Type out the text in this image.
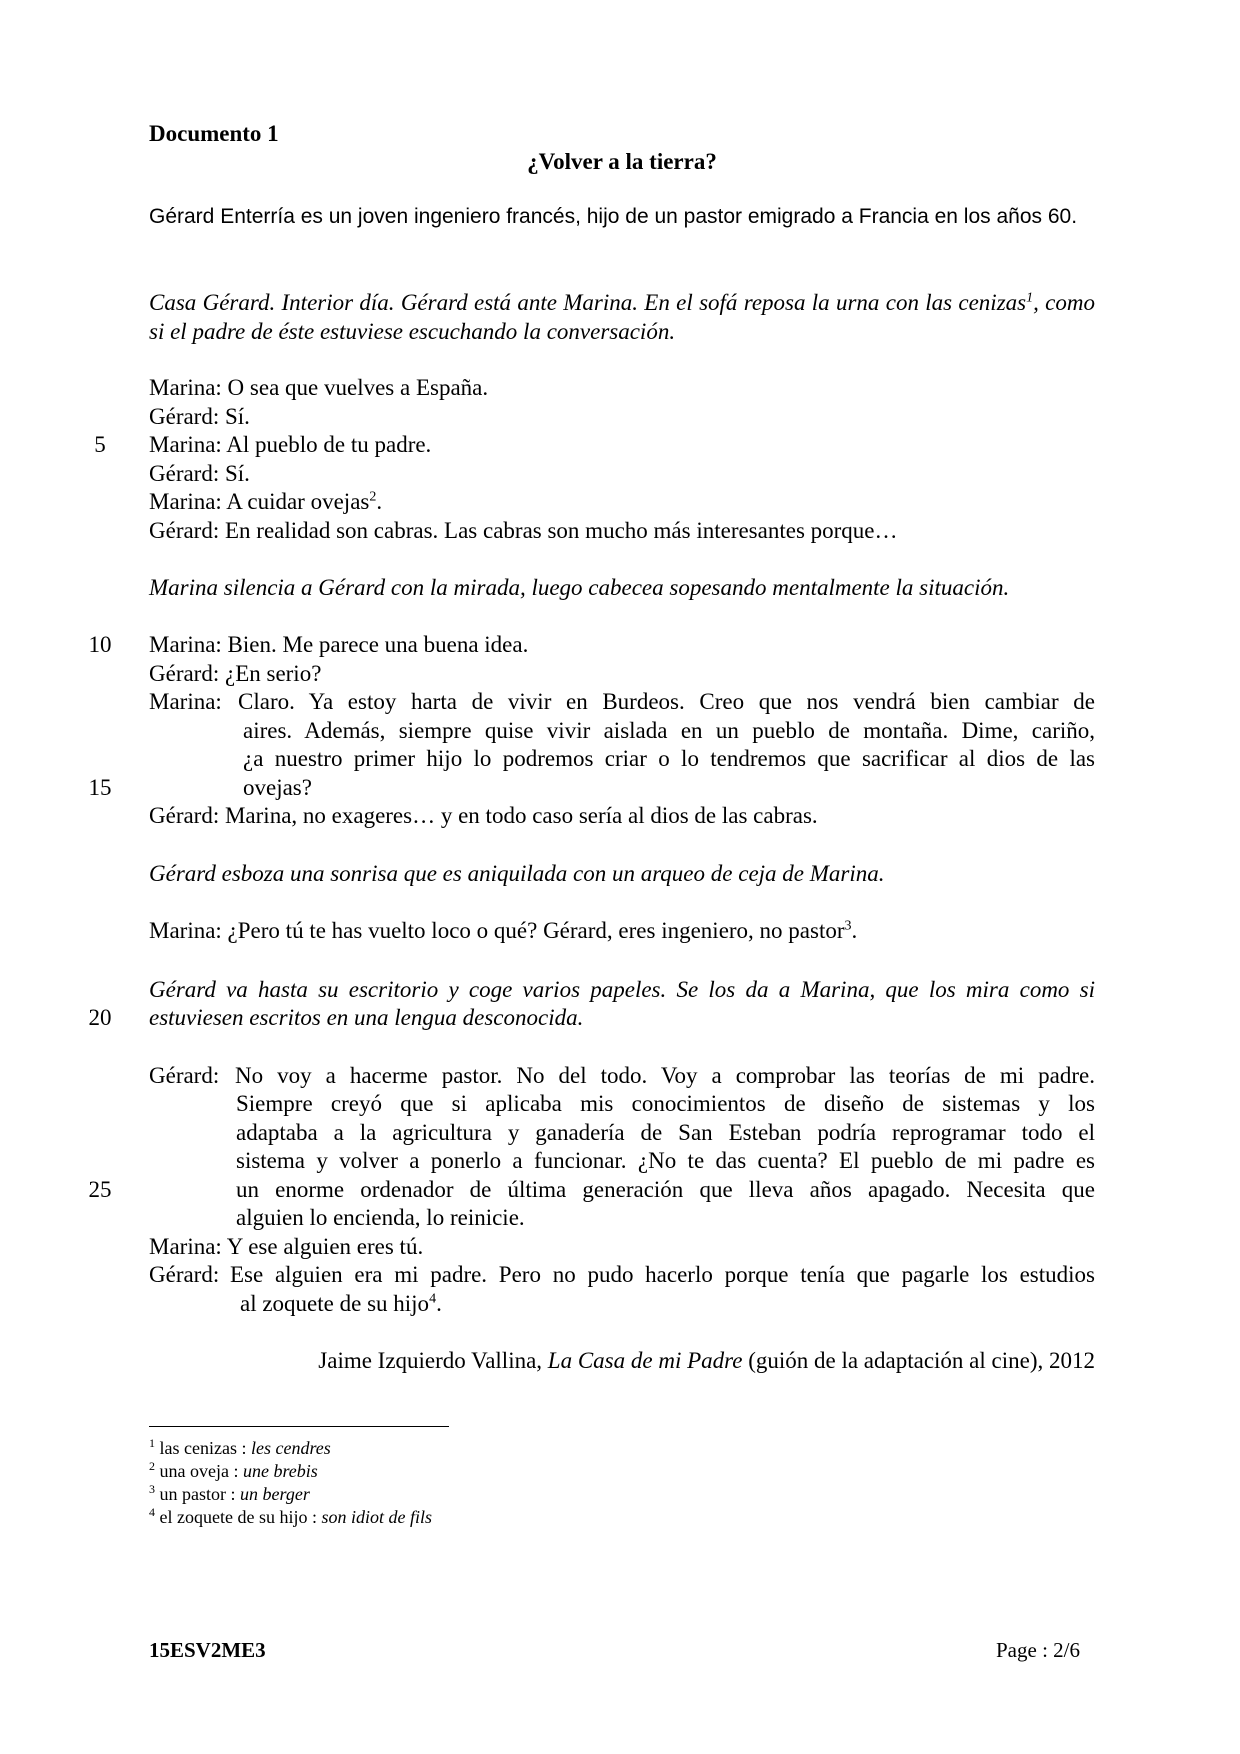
Documento 1
¿Volver a la tierra?
Gérard Enterría es un joven ingeniero francés, hijo de un pastor emigrado a Francia en los años 60.
Casa Gérard. Interior día. Gérard está ante Marina. En el sofá reposa la urna con las cenizas$^1$, como si el padre de éste estuviese escuchando la conversación.
5
10
15
20
25
Marina: O sea que vuelves a España.
Gérard: Sí.
Marina: Al pueblo de tu padre.
Gérard: Sí.
Marina: A cuidar ovejas$^2$.
Gérard: En realidad son cabras. Las cabras son mucho más interesantes porque…
Marina silencia a Gérard con la mirada, luego cabecea sopesando mentalmente la situación.
Marina: Bien. Me parece una buena idea.
Gérard: ¿En serio?
Marina: Claro. Ya estoy harta de vivir en Burdeos. Creo que nos vendrá bien cambiar de
aires. Además, siempre quise vivir aislada en un pueblo de montaña. Dime, cariño,
¿a nuestro primer hijo lo podremos criar o lo tendremos que sacrificar al dios de las
ovejas?
Gérard: Marina, no exageres… y en todo caso sería al dios de las cabras.
Gérard esboza una sonrisa que es aniquilada con un arqueo de ceja de Marina.
Marina: ¿Pero tú te has vuelto loco o qué? Gérard, eres ingeniero, no pastor$^3$.
Gérard va hasta su escritorio y coge varios papeles. Se los da a Marina, que los mira como si
estuviesen escritos en una lengua desconocida.
Gérard: No voy a hacerme pastor. No del todo. Voy a comprobar las teorías de mi padre.
Siempre creyó que si aplicaba mis conocimientos de diseño de sistemas y los
adaptaba a la agricultura y ganadería de San Esteban podría reprogramar todo el
sistema y volver a ponerlo a funcionar. ¿No te das cuenta? El pueblo de mi padre es
un enorme ordenador de última generación que lleva años apagado. Necesita que
alguien lo encienda, lo reinicie.
Marina: Y ese alguien eres tú.
Gérard: Ese alguien era mi padre. Pero no pudo hacerlo porque tenía que pagarle los estudios
al zoquete de su hijo$^4$.
Jaime Izquierdo Vallina, La Casa de mi Padre (guión de la adaptación al cine), 2012
$^1$ las cenizas : les cendres
$^2$ una oveja : une brebis
$^3$ un pastor : un berger
$^4$ el zoquete de su hijo : son idiot de fils
15ESV2ME3	Page : 2/6
